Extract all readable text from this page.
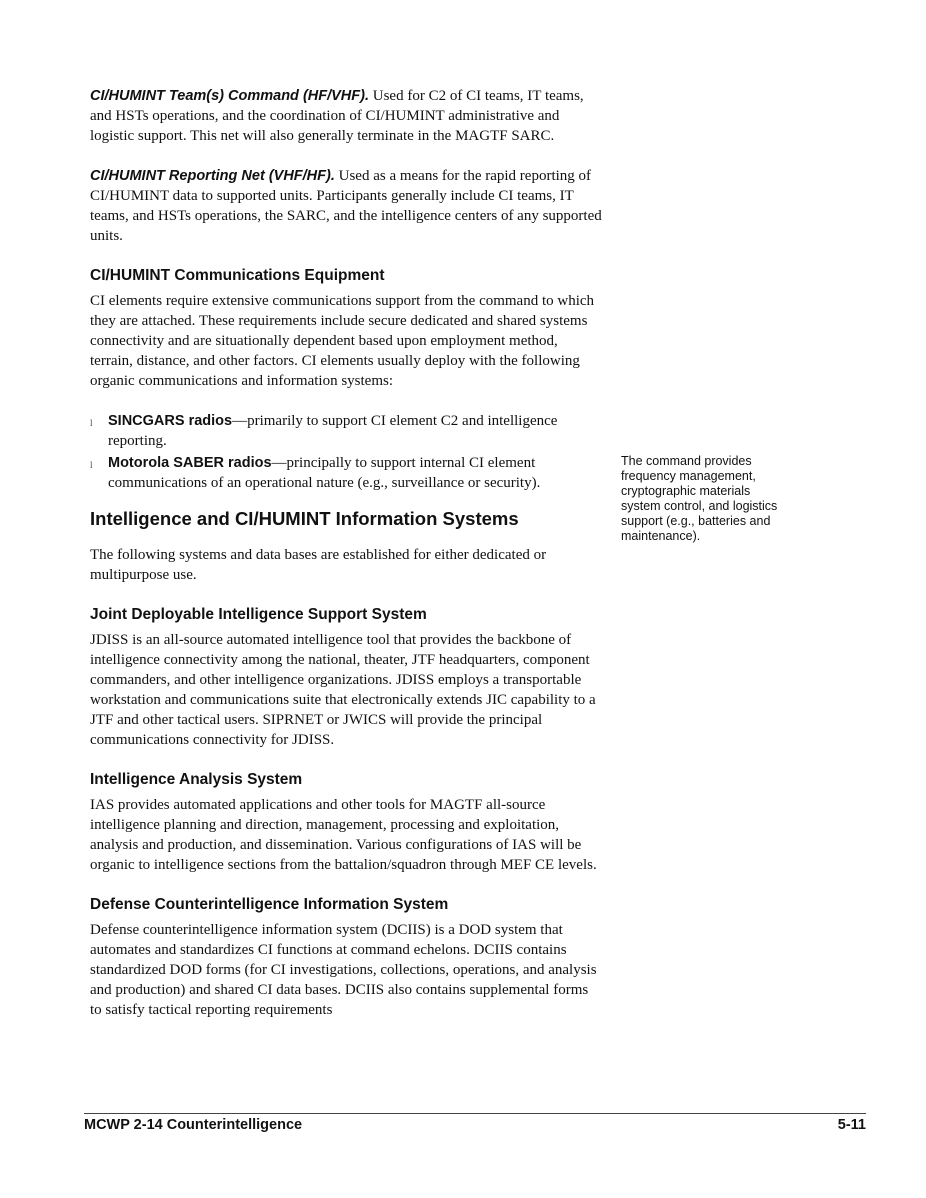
CI/HUMINT Team(s) Command (HF/VHF). Used for C2 of CI teams, IT teams, and HSTs operations, and the coordination of CI/HUMINT administrative and logistic support. This net will also generally terminate in the MAGTF SARC.

CI/HUMINT Reporting Net (VHF/HF). Used as a means for the rapid reporting of CI/HUMINT data to supported units. Participants generally include CI teams, IT teams, and HSTs operations, the SARC, and the intelligence centers of any supported units.

CI/HUMINT Communications Equipment

CI elements require extensive communications support from the command to which they are attached. These requirements include secure dedicated and shared systems connectivity and are situationally dependent based upon employment method, terrain, distance, and other factors. CI elements usually deploy with the following organic communications and information systems:

l SINCGARS radios—primarily to support CI element C2 and intelligence reporting.
l Motorola SABER radios—principally to support internal CI element communications of an operational nature (e.g., surveillance or security).
Intelligence and CI/HUMINT Information Systems

The following systems and data bases are established for either dedicated or multipurpose use.

Joint Deployable Intelligence Support System

JDISS is an all-source automated intelligence tool that provides the backbone of intelligence connectivity among the national, theater, JTF headquarters, component commanders, and other intelligence organizations. JDISS employs a transportable workstation and communications suite that electronically extends JIC capability to a JTF and other tactical users. SIPRNET or JWICS will provide the principal communications connectivity for JDISS.

Intelligence Analysis System

IAS provides automated applications and other tools for MAGTF all-source intelligence planning and direction, management, processing and exploitation, analysis and production, and dissemination. Various configurations of IAS will be organic to intelligence sections from the battalion/squadron through MEF CE levels.

Defense Counterintelligence Information System

Defense counterintelligence information system (DCIIS) is a DOD system that automates and standardizes CI functions at command echelons. DCIIS contains standardized DOD forms (for CI investigations, collections, operations, and analysis and production) and shared CI data bases. DCIIS also contains supplemental forms to satisfy tactical reporting requirements

The command provides frequency management, cryptographic materials system control, and logistics support (e.g., batteries and maintenance).

MCWP 2-14 Counterintelligence	5-11
